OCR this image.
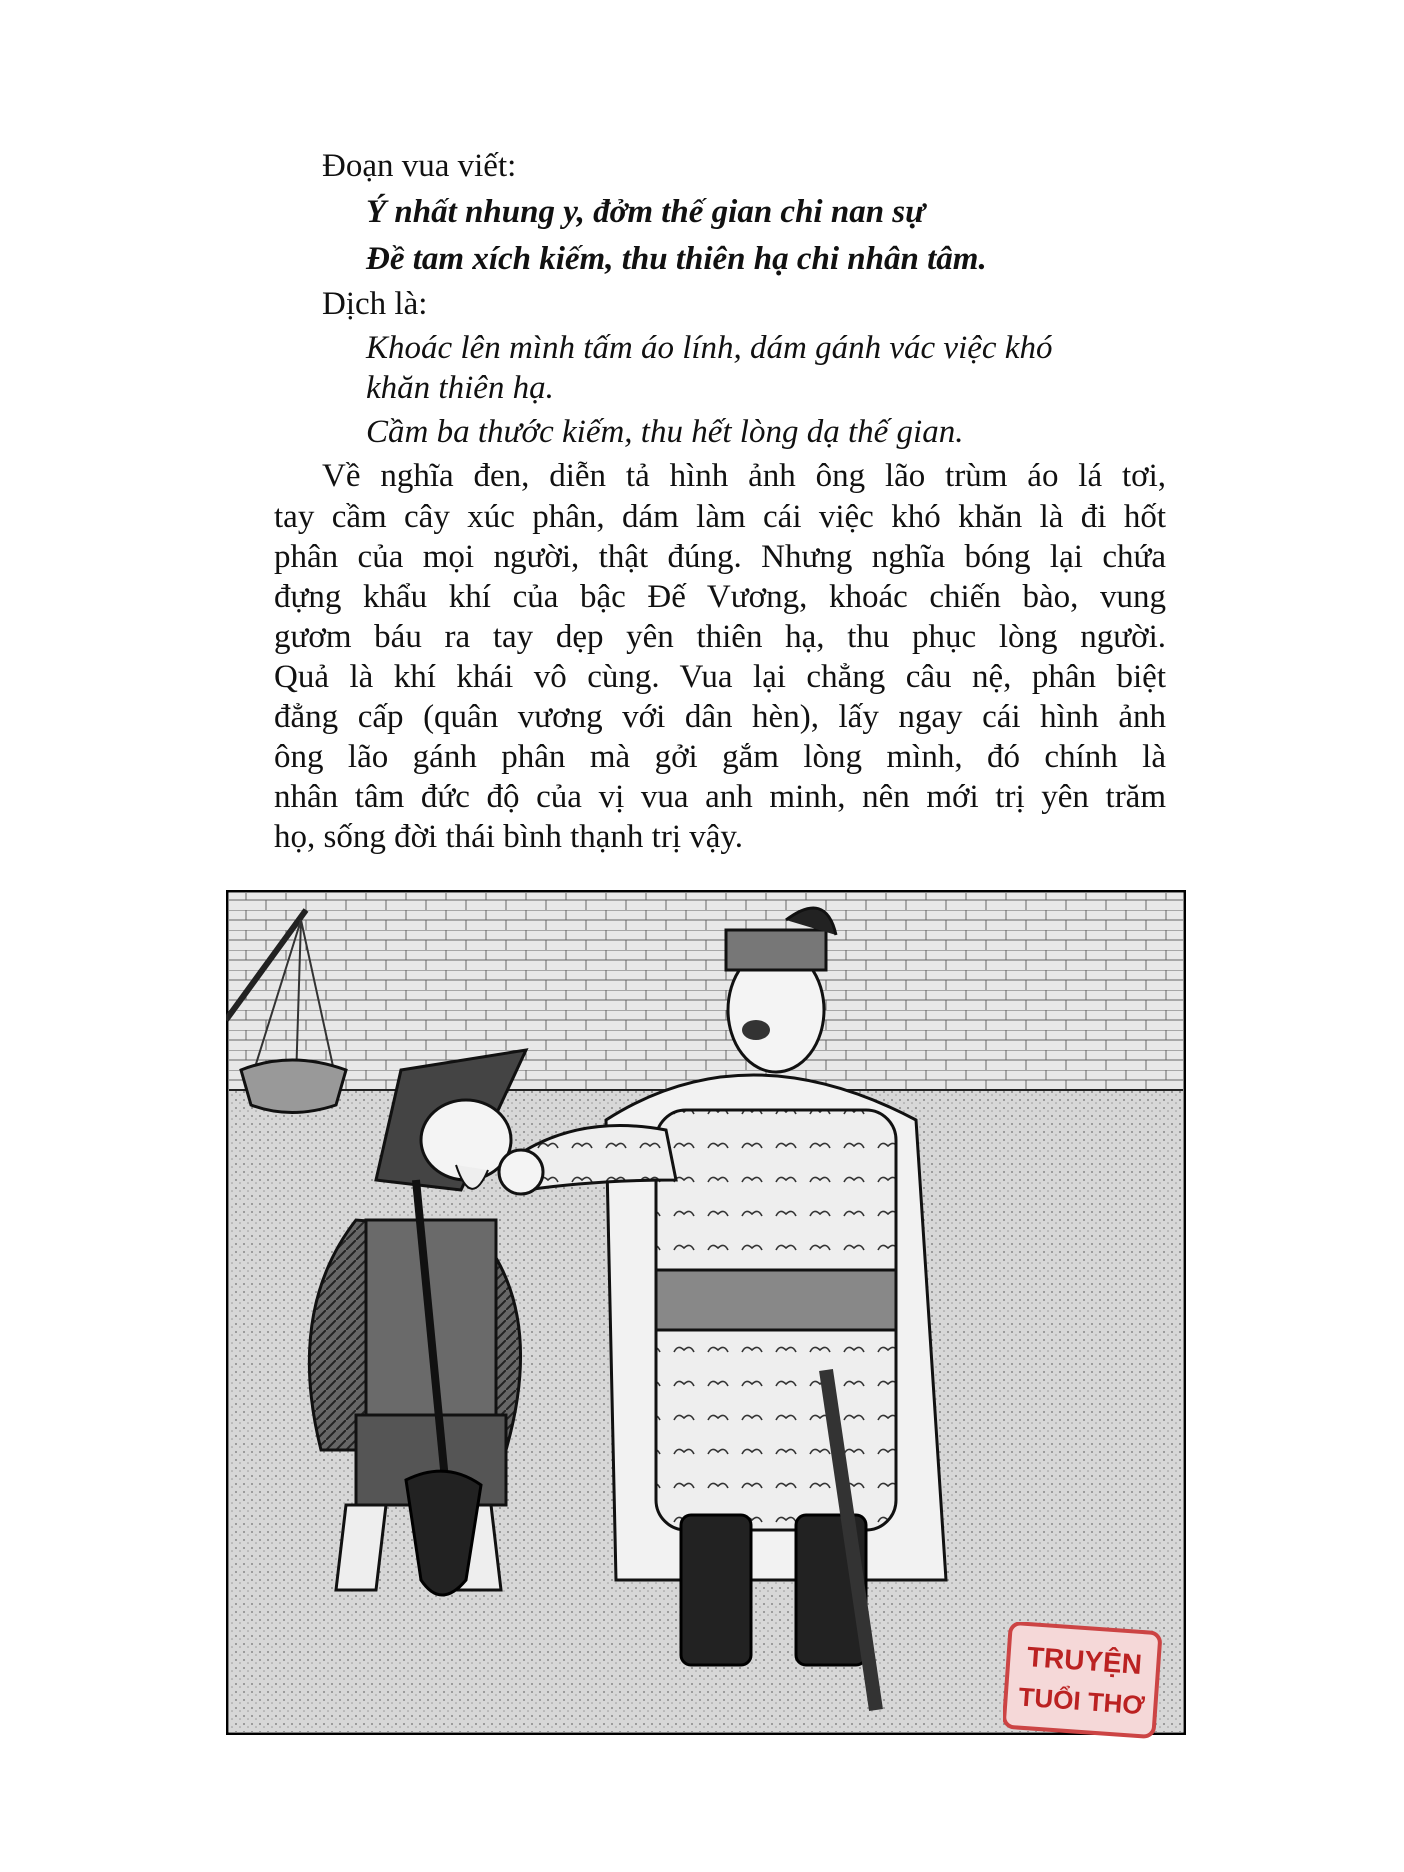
Đoạn vua viết:
Ý nhất nhung y, đởm thế gian chi nan sự
Đề tam xích kiếm, thu thiên hạ chi nhân tâm.
Dịch là:
Khoác lên mình tấm áo lính, dám gánh vác việc khó
khăn thiên hạ.
Cầm ba thước kiếm, thu hết lòng dạ thế gian.
Về nghĩa đen, diễn tả hình ảnh ông lão trùm áo lá tơi,
tay cầm cây xúc phân, dám làm cái việc khó khăn là đi hốt
phân của mọi người, thật đúng. Nhưng nghĩa bóng lại chứa
đựng khẩu khí của bậc Đế Vương, khoác chiến bào, vung
gươm báu ra tay dẹp yên thiên hạ, thu phục lòng người.
Quả là khí khái vô cùng. Vua lại chẳng câu nệ, phân biệt
đẳng cấp (quân vương với dân hèn), lấy ngay cái hình ảnh
ông lão gánh phân mà gởi gắm lòng mình, đó chính là
nhân tâm đức độ của vị vua anh minh, nên mới trị yên trăm
họ, sống đời thái bình thạnh trị vậy.
TRUYỆN
TUỔI THƠ
